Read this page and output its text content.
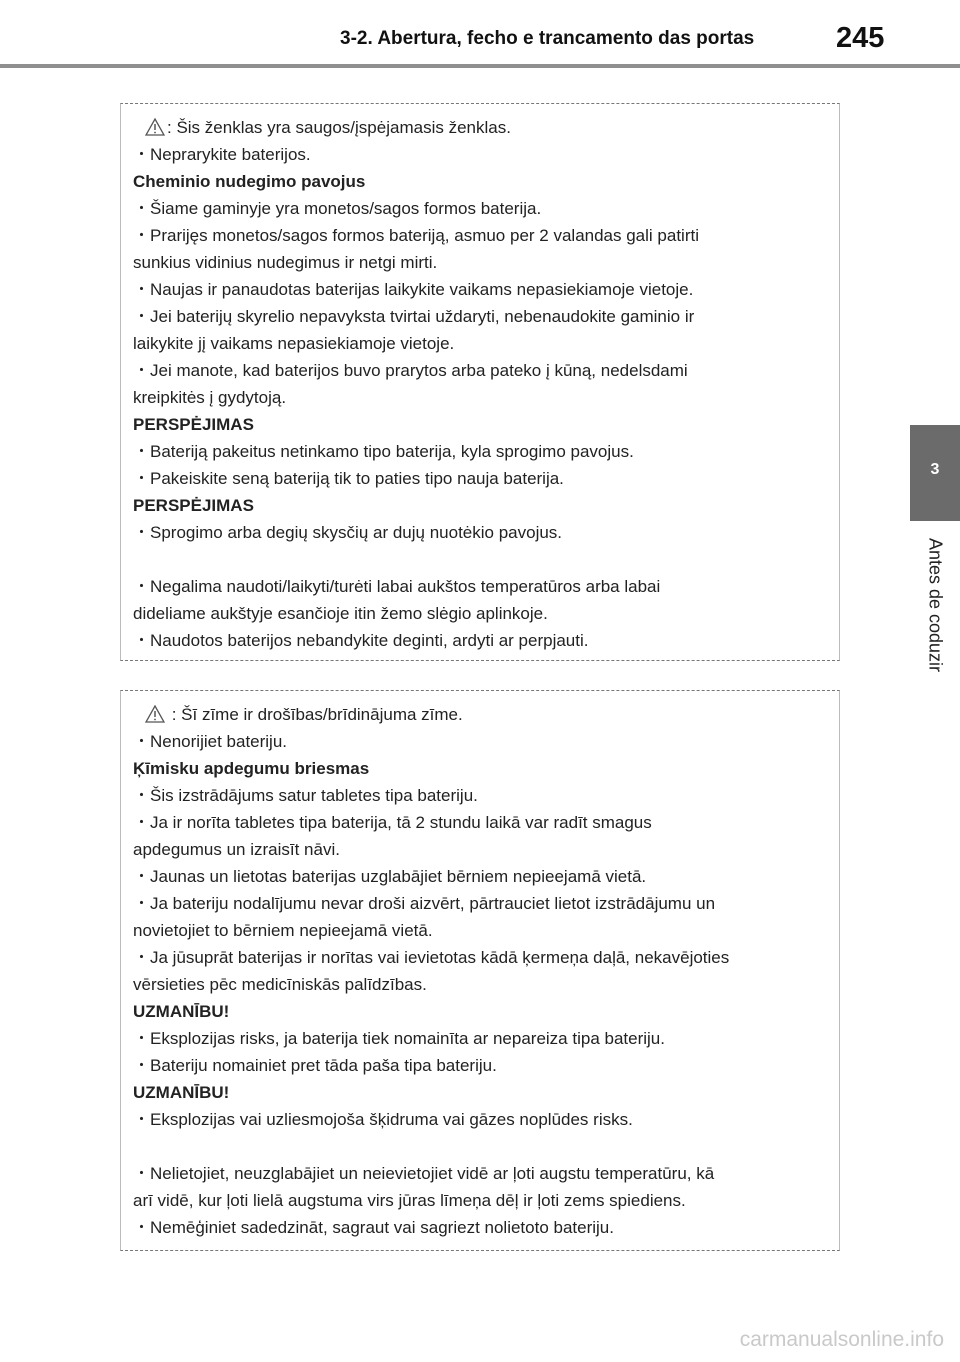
3-2. Abertura, fecho e trancamento das portas	245
3
Antes de coduzir
: Šis ženklas yra saugos/įspėjamasis ženklas.
・Neprarykite baterijos.
Cheminio nudegimo pavojus
・Šiame gaminyje yra monetos/sagos formos baterija.
・Prarijęs monetos/sagos formos bateriją, asmuo per 2 valandas gali patirti
sunkius vidinius nudegimus ir netgi mirti.
・Naujas ir panaudotas baterijas laikykite vaikams nepasiekiamoje vietoje.
・Jei baterijų skyrelio nepavyksta tvirtai uždaryti, nebenaudokite gaminio ir
laikykite jį vaikams nepasiekiamoje vietoje.
・Jei manote, kad baterijos buvo prarytos arba pateko į kūną, nedelsdami
kreipkitės į gydytoją.
PERSPĖJIMAS
・Bateriją pakeitus netinkamo tipo baterija, kyla sprogimo pavojus.
・Pakeiskite seną bateriją tik to paties tipo nauja baterija.
PERSPĖJIMAS
・Sprogimo arba degių skysčių ar dujų nuotėkio pavojus.
・Negalima naudoti/laikyti/turėti labai aukštos temperatūros arba labai
dideliame aukštyje esančioje itin žemo slėgio aplinkoje.
・Naudotos baterijos nebandykite deginti, ardyti ar perpjauti.
: Šī zīme ir drošības/brīdinājuma zīme.
・Nenorijiet bateriju.
Ķīmisku apdegumu briesmas
・Šis izstrādājums satur tabletes tipa bateriju.
・Ja ir norīta tabletes tipa baterija, tā 2 stundu laikā var radīt smagus
apdegumus un izraisīt nāvi.
・Jaunas un lietotas baterijas uzglabājiet bērniem nepieejamā vietā.
・Ja bateriju nodalījumu nevar droši aizvērt, pārtrauciet lietot izstrādājumu un
novietojiet to bērniem nepieejamā vietā.
・Ja jūsuprāt baterijas ir norītas vai ievietotas kādā ķermeņa daļā, nekavējoties
vērsieties pēc medicīniskās palīdzības.
UZMANĪBU!
・Eksplozijas risks, ja baterija tiek nomainīta ar nepareiza tipa bateriju.
・Bateriju nomainiet pret tāda paša tipa bateriju.
UZMANĪBU!
・Eksplozijas vai uzliesmojoša šķidruma vai gāzes noplūdes risks.
・Nelietojiet, neuzglabājiet un neievietojiet vidē ar ļoti augstu temperatūru, kā
arī vidē, kur ļoti lielā augstuma virs jūras līmeņa dēļ ir ļoti zems spiediens.
・Nemēģiniet sadedzināt, sagraut vai sagriezt nolietoto bateriju.
carmanualsonline.info
